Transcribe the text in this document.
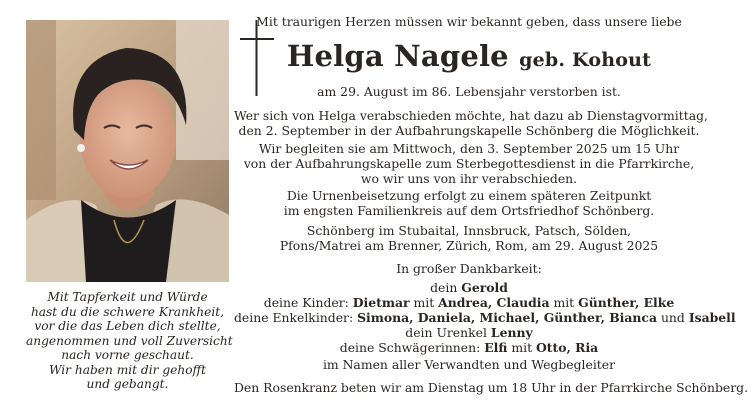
Mit Tapferkeit und Würde
hast du die schwere Krankheit,
vor die das Leben dich stellte,
angenommen und voll Zuversicht
nach vorne geschaut.
Wir haben mit dir gehofft
und gebangt.
Mit traurigen Herzen müssen wir bekannt geben, dass unsere liebe
Helga Nagele geb. Kohout
am 29. August im 86. Lebensjahr verstorben ist.
Wer sich von Helga verabschieden möchte, hat dazu ab Dienstagvormittag,
den 2. September in der Aufbahrungskapelle Schönberg die Möglichkeit.
Wir begleiten sie am Mittwoch, den 3. September 2025 um 15 Uhr
von der Aufbahrungskapelle zum Sterbegottesdienst in die Pfarrkirche,
wo wir uns von ihr verabschieden.
Die Urnenbeisetzung erfolgt zu einem späteren Zeitpunkt
im engsten Familienkreis auf dem Ortsfriedhof Schönberg.
Schönberg im Stubaital, Innsbruck, Patsch, Sölden,
Pfons/Matrei am Brenner, Zürich, Rom, am 29. August 2025
In großer Dankbarkeit:
dein Gerold
deine Kinder: Dietmar mit Andrea, Claudia mit Günther, Elke
deine Enkelkinder: Simona, Daniela, Michael, Günther, Bianca und Isabell
dein Urenkel Lenny
deine Schwägerinnen: Elfi mit Otto, Ria
im Namen aller Verwandten und Wegbegleiter
Den Rosenkranz beten wir am Dienstag um 18 Uhr in der Pfarrkirche Schönberg.
